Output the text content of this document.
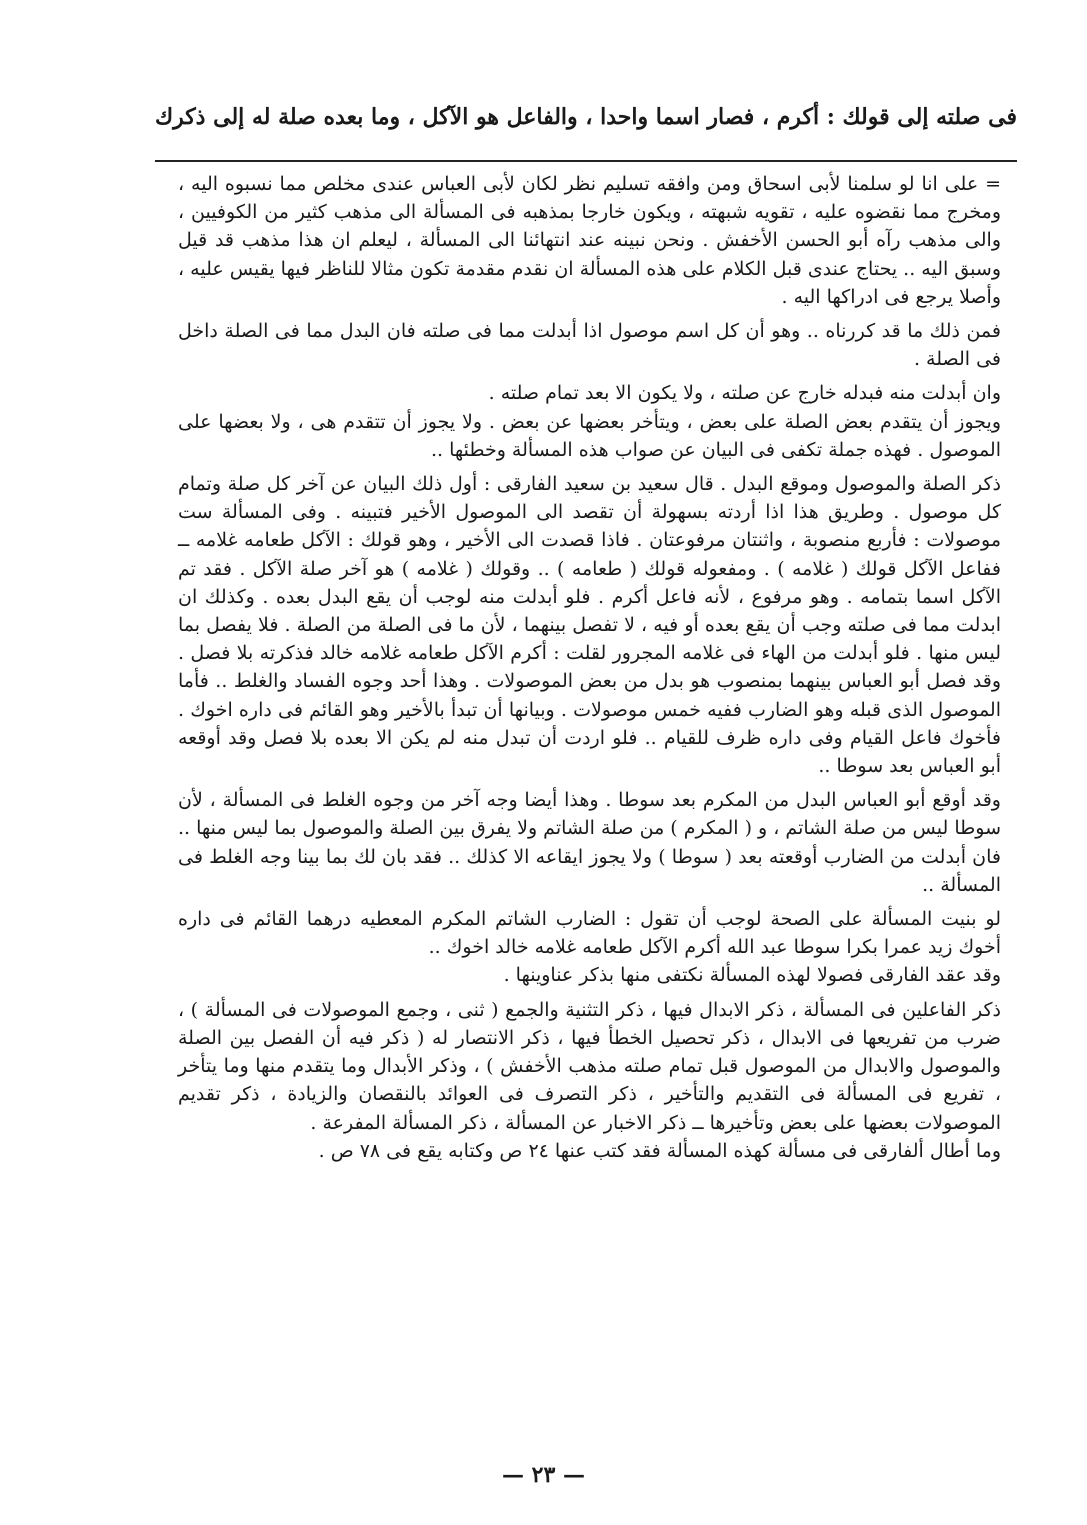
فى صلته إلى قولك : أكرم ، فصار اسما واحدا ، والفاعل هو الآكل ، وما بعده صلة له إلى ذكرك

= على انا لو سلمنا لأبى اسحاق ومن وافقه تسليم نظر لكان لأبى العباس عندى مخلص مما نسبوه اليه ، ومخرج مما نقضوه عليه ، تقويه شبهته ، ويكون خارجا بمذهبه فى المسألة الى مذهب كثير من الكوفيين ، والى مذهب رآه أبو الحسن الأخفش . ونحن نبينه عند انتهائنا الى المسألة ، ليعلم ان هذا مذهب قد قيل وسبق اليه .. يحتاج عندى قبل الكلام على هذه المسألة ان نقدم مقدمة تكون مثالا للناظر فيها يقيس عليه ، وأصلا يرجع فى ادراكها اليه .

فمن ذلك ما قد كررناه .. وهو أن كل اسم موصول اذا أبدلت مما فى صلته فان البدل مما فى الصلة داخل فى الصلة .

وان أبدلت منه فبدله خارج عن صلته ، ولا يكون الا بعد تمام صلته .

ويجوز أن يتقدم بعض الصلة على بعض ، ويتأخر بعضها عن بعض . ولا يجوز أن تتقدم هى ، ولا بعضها على الموصول . فهذه جملة تكفى فى البيان عن صواب هذه المسألة وخطئها ..

ذكر الصلة والموصول وموقع البدل . قال سعيد بن سعيد الفارقى : أول ذلك البيان عن آخر كل صلة وتمام كل موصول . وطريق هذا اذا أردته بسهولة أن تقصد الى الموصول الأخير فتبينه . وفى المسألة ست موصولات : فأربع منصوبة ، واثنتان مرفوعتان . فاذا قصدت الى الأخير ، وهو قولك : الآكل طعامه غلامه ــ ففاعل الآكل قولك ( غلامه ) . ومفعوله قولك ( طعامه ) .. وقولك ( غلامه ) هو آخر صلة الآكل . فقد تم الآكل اسما بتمامه . وهو مرفوع ، لأنه فاعل أكرم . فلو أبدلت منه لوجب أن يقع البدل بعده . وكذلك ان ابدلت مما فى صلته وجب أن يقع بعده أو فيه ، لا تفصل بينهما ، لأن ما فى الصلة من الصلة . فلا يفصل بما ليس منها . فلو أبدلت من الهاء فى غلامه المجرور لقلت : أكرم الآكل طعامه غلامه خالد فذكرته بلا فصل . وقد فصل أبو العباس بينهما بمنصوب هو بدل من بعض الموصولات . وهذا أحد وجوه الفساد والغلط .. فأما الموصول الذى قبله وهو الضارب ففيه خمس موصولات . وبيانها أن تبدأ بالأخير وهو القائم فى داره اخوك . فأخوك فاعل القيام وفى داره ظرف للقيام .. فلو اردت أن تبدل منه لم يكن الا بعده بلا فصل وقد أوقعه أبو العباس بعد سوطا ..

وقد أوقع أبو العباس البدل من المكرم بعد سوطا . وهذا أيضا وجه آخر من وجوه الغلط فى المسألة ، لأن سوطا ليس من صلة الشاتم ، و ( المكرم ) من صلة الشاتم ولا يفرق بين الصلة والموصول بما ليس منها .. فان أبدلت من الضارب أوقعته بعد ( سوطا ) ولا يجوز ايقاعه الا كذلك .. فقد بان لك بما بينا وجه الغلط فى المسألة ..

لو بنيت المسألة على الصحة لوجب أن تقول : الضارب الشاتم المكرم المعطيه درهما القائم فى داره أخوك زيد عمرا بكرا سوطا عبد الله أكرم الآكل طعامه غلامه خالد اخوك ..

وقد عقد الفارقى فصولا لهذه المسألة نكتفى منها بذكر عناوينها .

ذكر الفاعلين فى المسألة ، ذكر الابدال فيها ، ذكر التثنية والجمع ( ثنى ، وجمع الموصولات فى المسألة ) ، ضرب من تفريعها فى الابدال ، ذكر تحصيل الخطأ فيها ، ذكر الانتصار له ( ذكر فيه أن الفصل بين الصلة والموصول والابدال من الموصول قبل تمام صلته مذهب الأخفش ) ، وذكر الأبدال وما يتقدم منها وما يتأخر ، تفريع فى المسألة فى التقديم والتأخير ، ذكر التصرف فى العوائد بالنقصان والزيادة ، ذكر تقديم الموصولات بعضها على بعض وتأخيرها ــ ذكر الاخبار عن المسألة ، ذكر المسألة المفرعة .

وما أطال ألفارقى فى مسألة كهذه المسألة فقد كتب عنها ٢٤ ص وكتابه يقع فى ٧٨ ص .

— ٢٣ —
